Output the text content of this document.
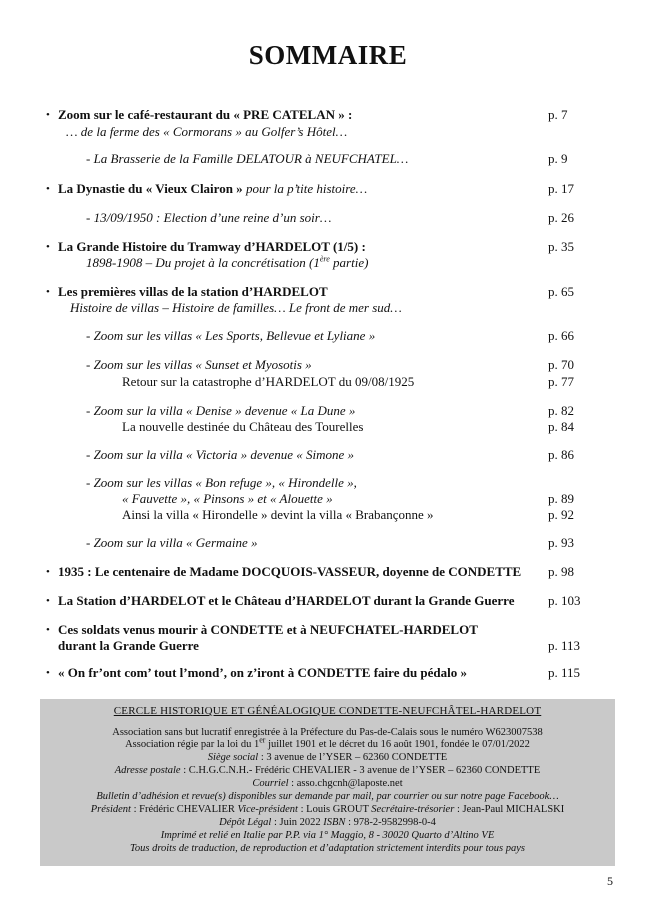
SOMMAIRE
• Zoom sur le café-restaurant du « PRE CATELAN » :	p. 7
… de la ferme des « Cormorans » au Golfer’s Hôtel…
- La Brasserie de la Famille DELATOUR à NEUFCHATEL…	p. 9
• La Dynastie du « Vieux Clairon » pour la p’tite histoire…	p. 17
- 13/09/1950 : Election d’une reine d’un soir…	p. 26
• La Grande Histoire du Tramway d’HARDELOT (1/5) :	p. 35
1898-1908 – Du projet à la concrétisation (1ère partie)
• Les premières villas de la station d’HARDELOT	p. 65
Histoire de villas – Histoire de familles… Le front de mer sud…
- Zoom sur les villas « Les Sports, Bellevue et Lyliane »	p. 66
- Zoom sur les villas « Sunset et Myosotis »	p. 70
Retour sur la catastrophe d’HARDELOT du 09/08/1925	p. 77
- Zoom sur la villa « Denise » devenue « La Dune »	p. 82
La nouvelle destinée du Château des Tourelles	p. 84
- Zoom sur la villa « Victoria » devenue « Simone »	p. 86
- Zoom sur les villas « Bon refuge », « Hirondelle »,
« Fauvette », « Pinsons » et « Alouette »	p. 89
Ainsi la villa « Hirondelle » devint la villa « Brabançonne »	p. 92
- Zoom sur la villa « Germaine »	p. 93
• 1935 : Le centenaire de Madame DOCQUOIS-VASSEUR, doyenne de CONDETTE p. 98
• La Station d’HARDELOT et le Château d’HARDELOT durant la Grande Guerre	p. 103
• Ces soldats venus mourir à CONDETTE et à NEUFCHATEL-HARDELOT
durant la Grande Guerre	p. 113
• « On fr’ont com’ tout l’mond’, on z’iront à CONDETTE faire du pédalo »	p. 115
CERCLE HISTORIQUE ET GÉNÉALOGIQUE CONDETTE-NEUFCHÂTEL-HARDELOT
Association sans but lucratif enregistrée à la Préfecture du Pas-de-Calais sous le numéro W623007538
Association régie par la loi du 1er juillet 1901 et le décret du 16 août 1901, fondée le 07/01/2022
Siège social : 3 avenue de l’YSER – 62360 CONDETTE
Adresse postale : C.H.G.C.N.H.- Frédéric CHEVALIER - 3 avenue de l’YSER – 62360 CONDETTE
Courriel : asso.chgcnh@laposte.net
Bulletin d’adhésion et revue(s) disponibles sur demande par mail, par courrier ou sur notre page Facebook…
Président : Frédéric CHEVALIER Vice-président : Louis GROUT Secrétaire-trésorier : Jean-Paul MICHALSKI
Dépôt Légal : Juin 2022 ISBN : 978-2-9582998-0-4
Imprimé et relié en Italie par P.P. via 1° Maggio, 8 - 30020 Quarto d’Altino VE
Tous droits de traduction, de reproduction et d’adaptation strictement interdits pour tous pays
5
